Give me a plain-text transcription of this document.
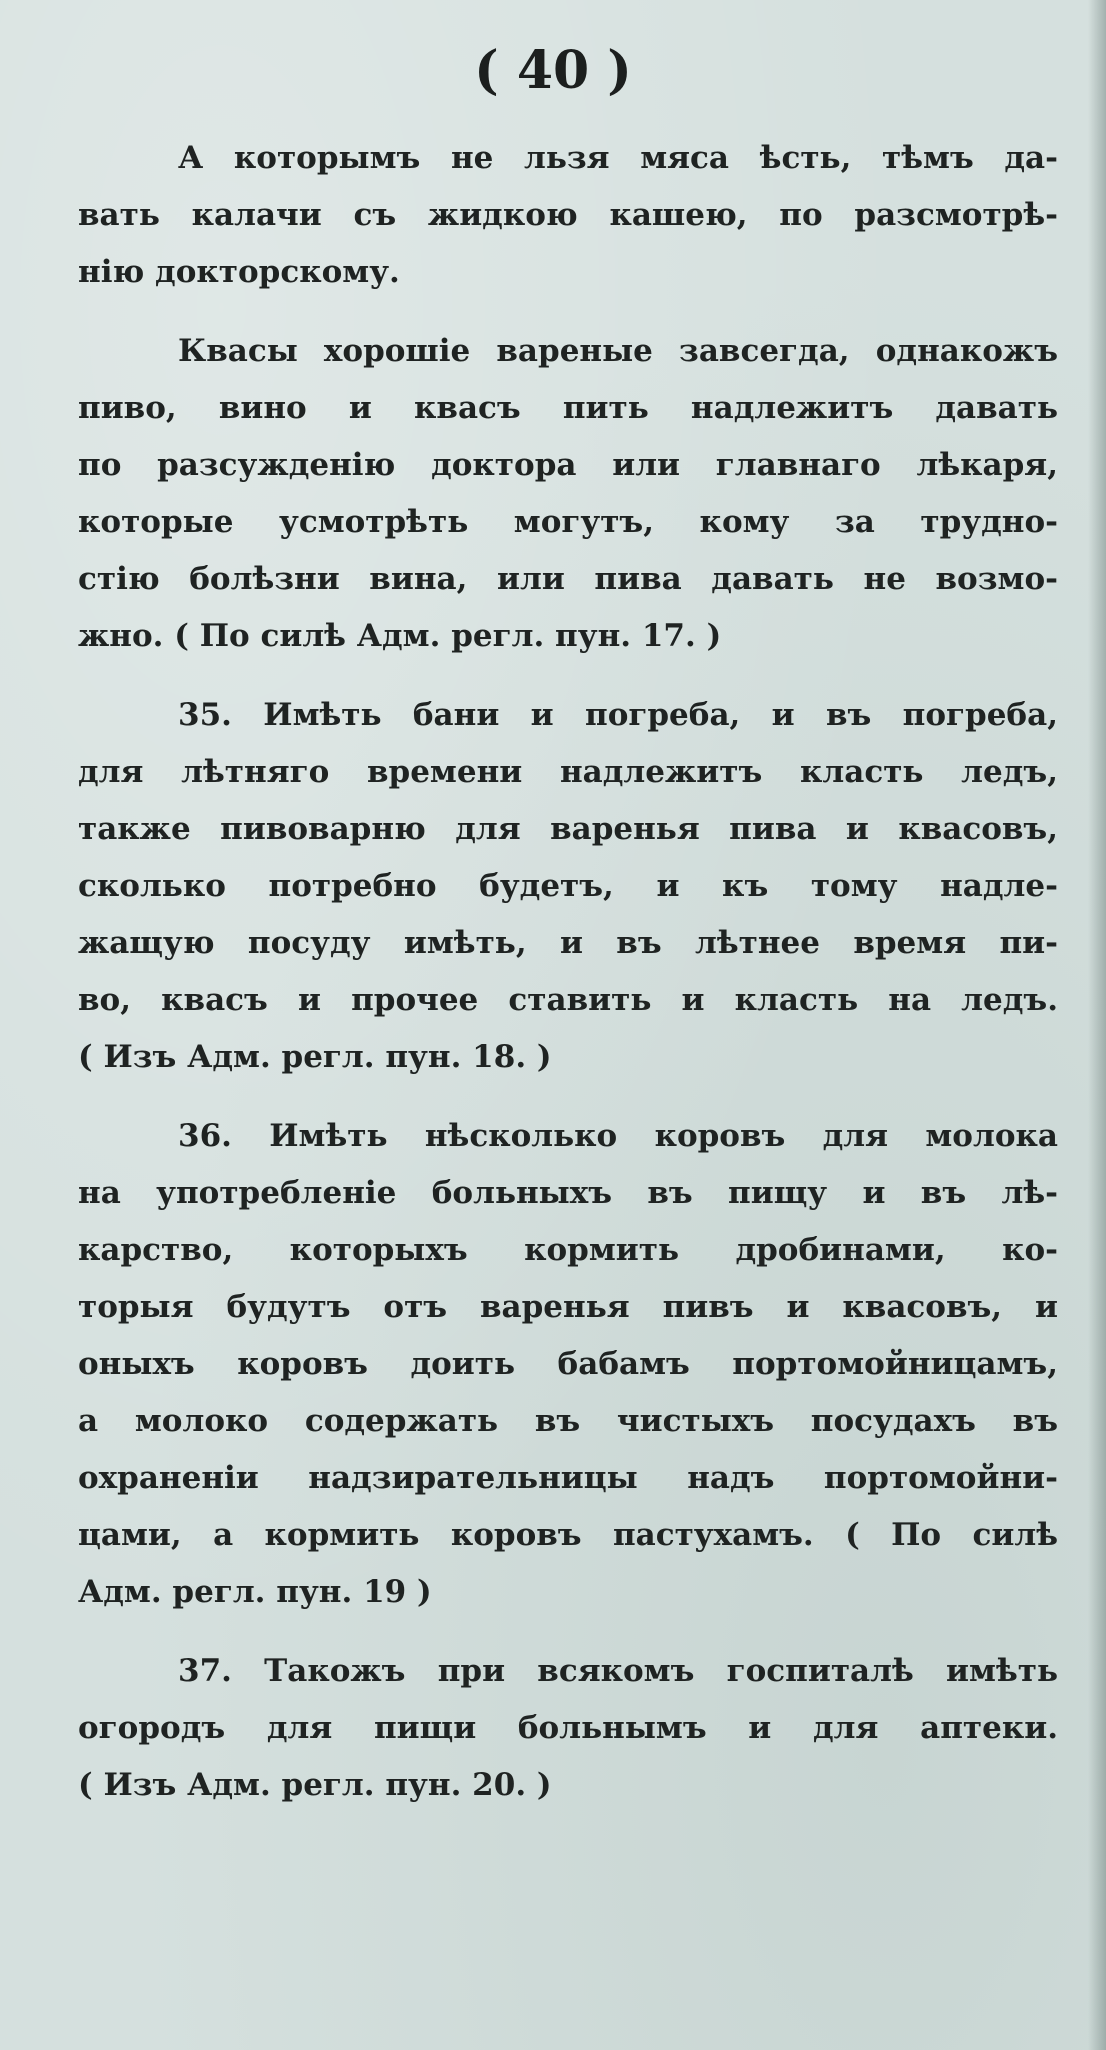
( 40 )

А которымъ не льзя мяса ѣсть, тѣмъ да-
вать калачи съ жидкою кашею, по разсмотрѣ-
нію докторскому.

Квасы хорошіе вареные завсегда, однакожъ
пиво, вино и квасъ пить надлежитъ давать
по разсужденію доктора или главнаго лѣкаря,
которые усмотрѣть могутъ, кому за трудно-
стію болѣзни вина, или пива давать не возмо-
жно. ( По силѣ Адм. регл. пун. 17. )

35. Имѣть бани и погреба, и въ погреба,
для лѣтняго времени надлежитъ класть ледъ,
также пивоварню для варенья пива и квасовъ,
сколько потребно будетъ, и къ тому надле-
жащую посуду имѣть, и въ лѣтнее время пи-
во, квасъ и прочее ставить и класть на ледъ.
( Изъ Адм. регл. пун. 18. )

36. Имѣть нѣсколько коровъ для молока
на употребленіе больныхъ въ пищу и въ лѣ-
карство, которыхъ кормить дробинами, ко-
торыя будутъ отъ варенья пивъ и квасовъ, и
оныхъ коровъ доить бабамъ портомойницамъ,
а молоко содержать въ чистыхъ посудахъ въ
охраненіи надзирательницы надъ портомойни-
цами, а кормить коровъ пастухамъ. ( По силѣ
Адм. регл. пун. 19 )

37. Такожъ при всякомъ госпиталѣ имѣть
огородъ для пищи больнымъ и для аптеки.
( Изъ Адм. регл. пун. 20. )
